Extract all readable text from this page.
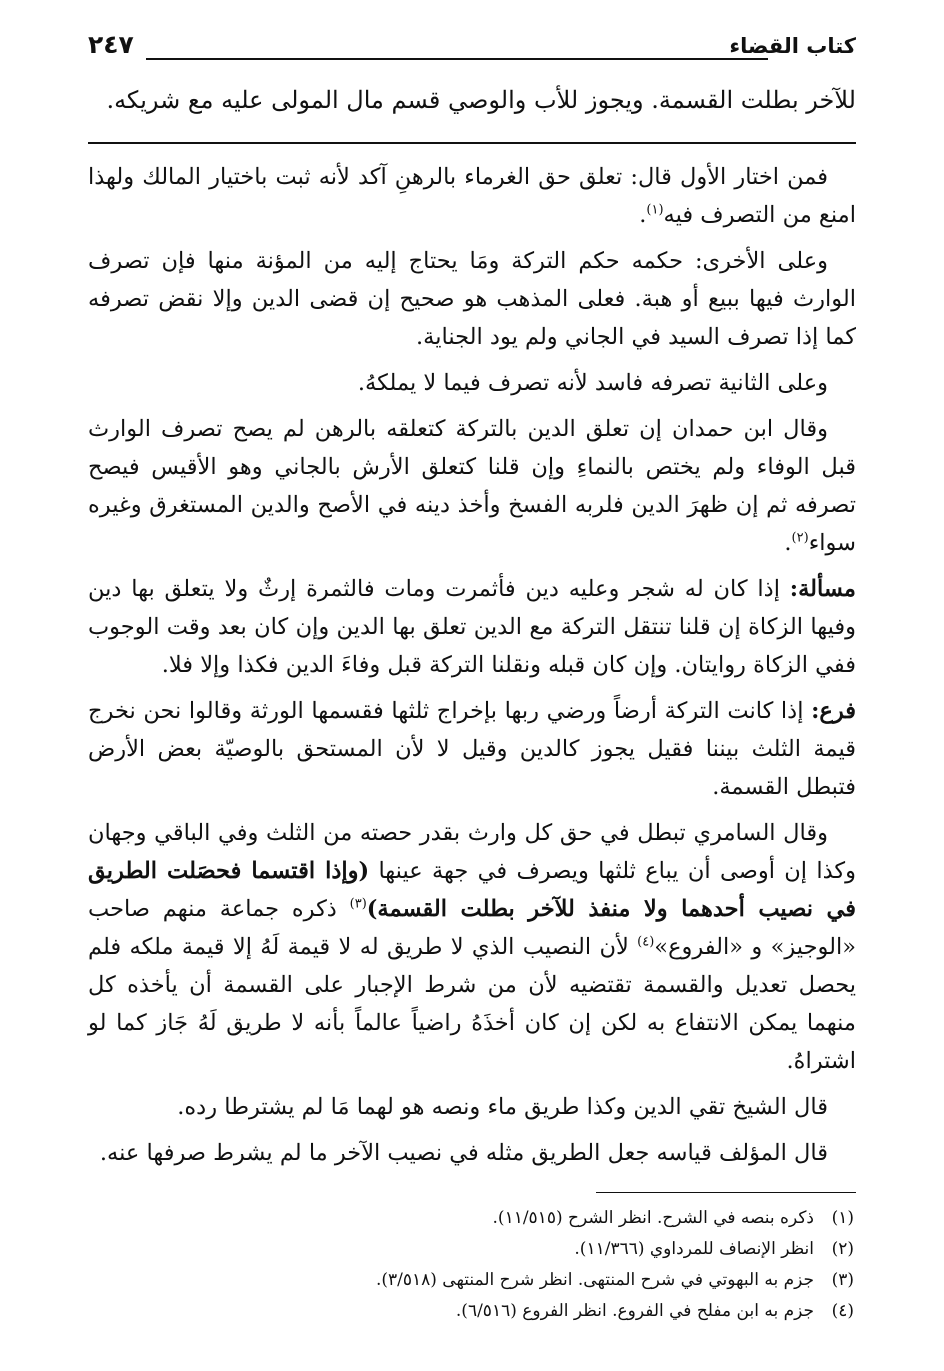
كتاب القضاء
٢٤٧
للآخر بطلت القسمة. ويجوز للأب والوصي قسم مال المولى عليه مع شريكه.

فمن اختار الأول قال: تعلق حق الغرماء بالرهنِ آكد لأنه ثبت باختيار المالك ولهذا امنع من التصرف فيه$^{(١)}$.

وعلى الأخرى: حكمه حكم التركة ومَا يحتاج إليه من المؤنة منها فإن تصرف الوارث فيها ببيع أو هبة. فعلى المذهب هو صحيح إن قضى الدين وإلا نقض تصرفه كما إذا تصرف السيد في الجاني ولم يود الجناية.

وعلى الثانية تصرفه فاسد لأنه تصرف فيما لا يملكهُ.

وقال ابن حمدان إن تعلق الدين بالتركة كتعلقه بالرهن لم يصح تصرف الوارث قبل الوفاء ولم يختص بالنماءِ وإن قلنا كتعلق الأرش بالجاني وهو الأقيس فيصح تصرفه ثم إن ظهرَ الدين فلربه الفسخ وأخذ دينه في الأصح والدين المستغرق وغيره سواء$^{(٢)}$.

مسألة: إذا كان له شجر وعليه دين فأثمرت ومات فالثمرة إرثٌ ولا يتعلق بها دين وفيها الزكاة إن قلنا تنتقل التركة مع الدين تعلق بها الدين وإن كان بعد وقت الوجوب ففي الزكاة روايتان. وإن كان قبله ونقلنا التركة قبل وفاءَ الدين فكذا وإلا فلا.

فرع: إذا كانت التركة أرضاً ورضي ربها بإخراج ثلثها فقسمها الورثة وقالوا نحن نخرج قيمة الثلث بيننا فقيل يجوز كالدين وقيل لا لأن المستحق بالوصيّة بعض الأرض فتبطل القسمة.

وقال السامري تبطل في حق كل وارث بقدر حصته من الثلث وفي الباقي وجهان وكذا إن أوصى أن يباع ثلثها ويصرف في جهة عينها (وإذا اقتسما فحصَلت الطريق في نصيب أحدهما ولا منفذ للآخر بطلت القسمة)$^{(٣)}$ ذكره جماعة منهم صاحب «الوجيز» و «الفروع»$^{(٤)}$ لأن النصيب الذي لا طريق له لا قيمة لَهُ إلا قيمة ملكه فلم يحصل تعديل والقسمة تقتضيه لأن من شرط الإجبار على القسمة أن يأخذه كل منهما يمكن الانتفاع به لكن إن كان أخذَهُ راضياً عالماً بأنه لا طريق لَهُ جَاز كما لو اشتراهُ.

قال الشيخ تقي الدين وكذا طريق ماء ونصه هو لهما مَا لم يشترطا رده.

قال المؤلف قياسه جعل الطريق مثله في نصيب الآخر ما لم يشرط صرفها عنه.

(١)
ذكره بنصه في الشرح. انظر الشرح (١١/٥١٥).
(٢)
انظر الإنصاف للمرداوي (١١/٣٦٦).
(٣)
جزم به البهوتي في شرح المنتهى. انظر شرح المنتهى (٣/٥١٨).
(٤)
جزم به ابن مفلح في الفروع. انظر الفروع (٦/٥١٦).
